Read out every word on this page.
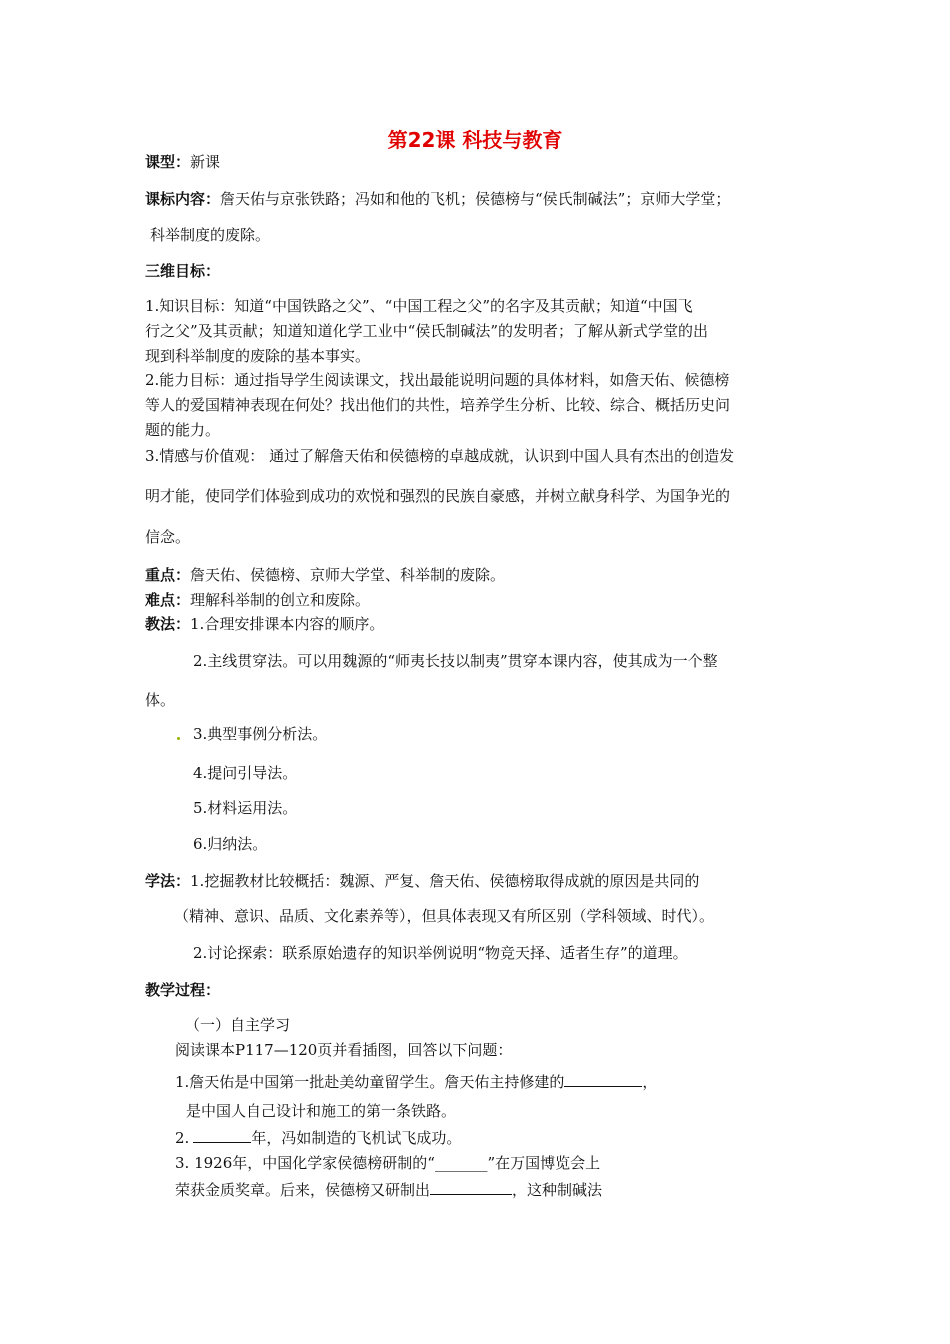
第22课 科技与教育
课型：新课
课标内容：詹天佑与京张铁路；冯如和他的飞机；侯德榜与“侯氏制碱法”；京师大学堂；
科举制度的废除。
三维目标：
1.知识目标：知道“中国铁路之父”、“中国工程之父”的名字及其贡献；知道“中国飞
行之父”及其贡献；知道知道化学工业中“侯氏制碱法”的发明者；了解从新式学堂的出
现到科举制度的废除的基本事实。
2.能力目标：通过指导学生阅读课文，找出最能说明问题的具体材料，如詹天佑、候德榜
等人的爱国精神表现在何处？找出他们的共性，培养学生分析、比较、综合、概括历史问
题的能力。
3.情感与价值观： 通过了解詹天佑和侯德榜的卓越成就，认识到中国人具有杰出的创造发
明才能，使同学们体验到成功的欢悦和强烈的民族自豪感，并树立献身科学、为国争光的
信念。
重点：詹天佑、侯德榜、京师大学堂、科举制的废除。
难点：理解科举制的创立和废除。
教法：1.合理安排课本内容的顺序。
2.主线贯穿法。可以用魏源的“师夷长技以制夷”贯穿本课内容，使其成为一个整
体。
3.典型事例分析法。
4.提问引导法。
5.材料运用法。
6.归纳法。
学法：1.挖掘教材比较概括：魏源、严复、詹天佑、侯德榜取得成就的原因是共同的
（精神、意识、品质、文化素养等），但具体表现又有所区别（学科领域、时代）。
2.讨论探索：联系原始遗存的知识举例说明“物竞天择、适者生存”的道理。
教学过程：
（一）自主学习
阅读课本P117—120页并看插图，回答以下问题：
1.詹天佑是中国第一批赴美幼童留学生。詹天佑主持修建的	，
是中国人自己设计和施工的第一条铁路。
2.	年，冯如制造的飞机试飞成功。
3. 1926年，中国化学家侯德榜研制的“_______”在万国博览会上
荣获金质奖章。后来，侯德榜又研制出	，这种制碱法
